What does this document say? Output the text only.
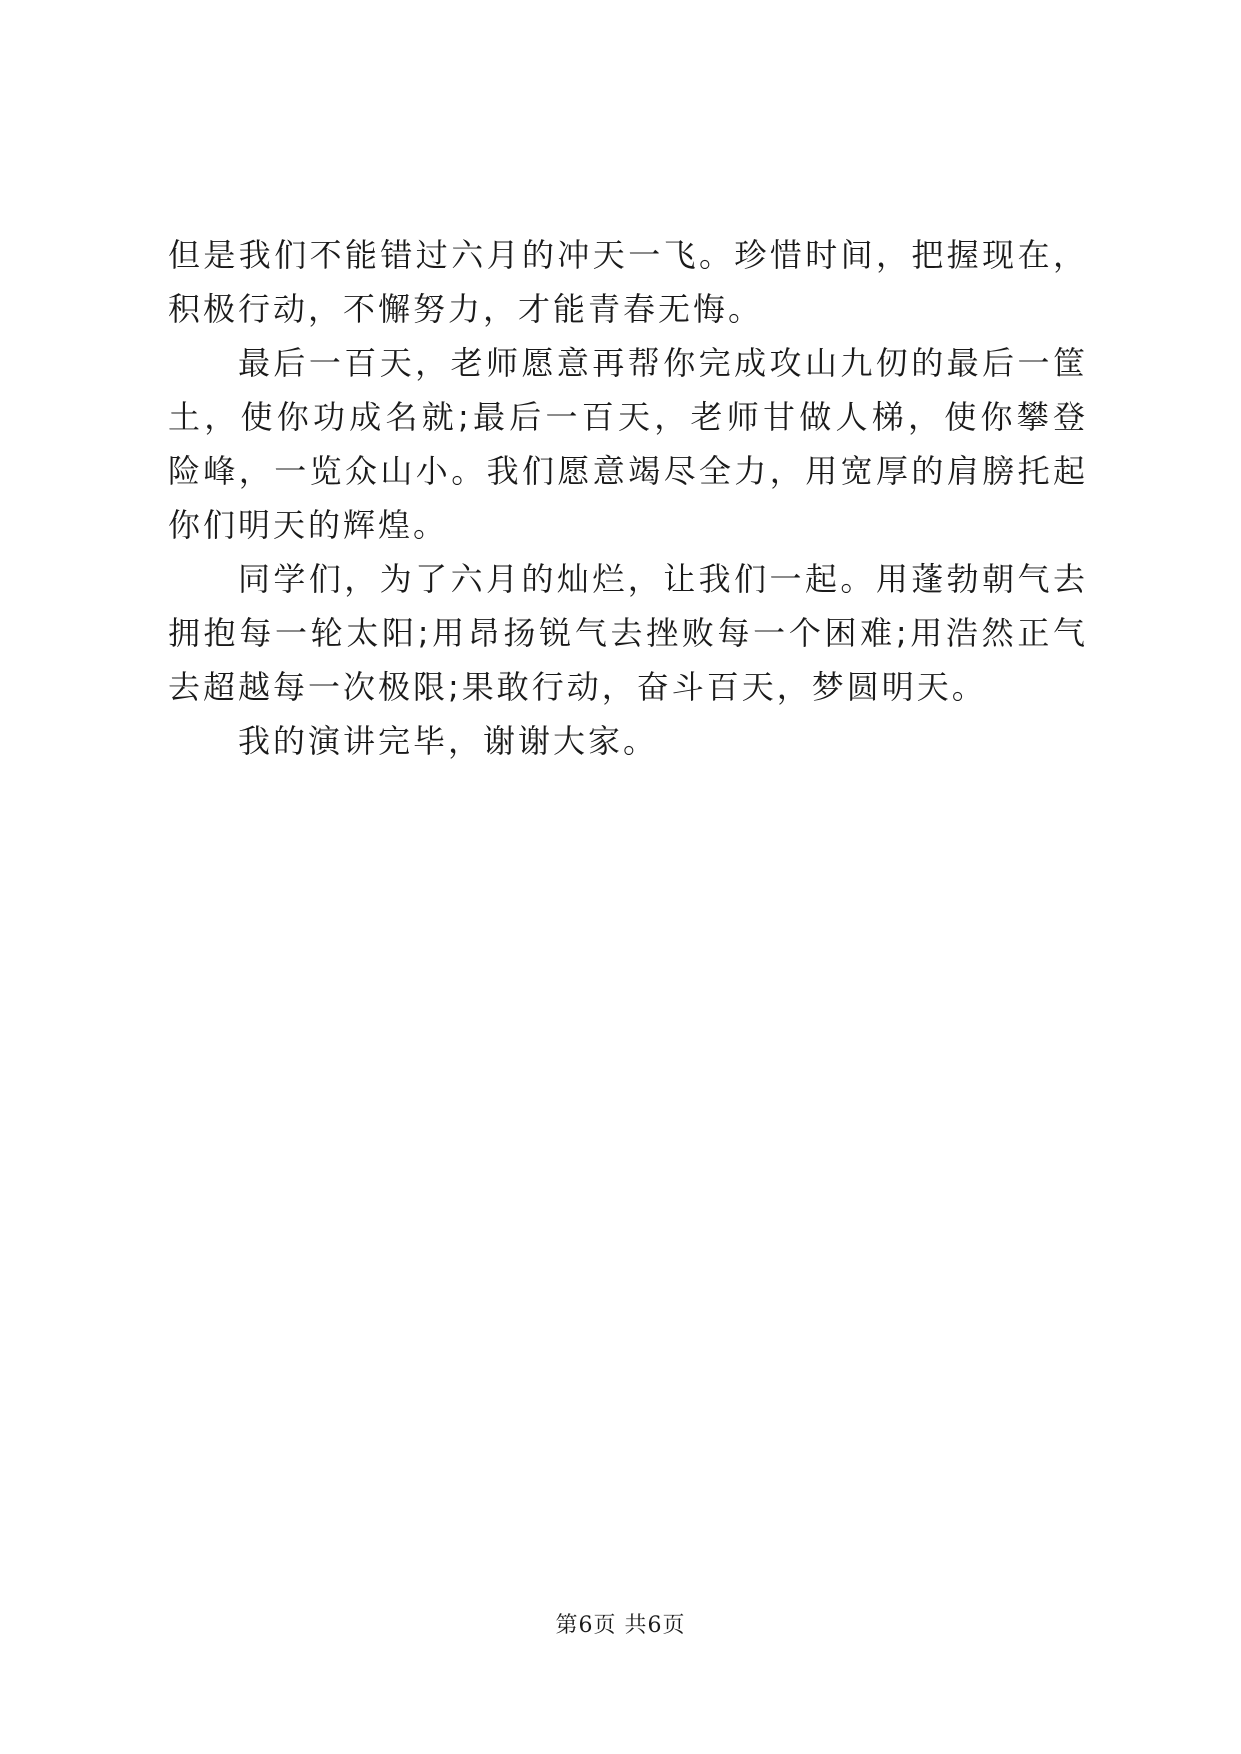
但是我们不能错过六月的冲天一飞。珍惜时间，把握现在，积极行动，不懈努力，才能青春无悔。

最后一百天，老师愿意再帮你完成攻山九仞的最后一筐土，使你功成名就;最后一百天，老师甘做人梯，使你攀登险峰，一览众山小。我们愿意竭尽全力，用宽厚的肩膀托起你们明天的辉煌。

同学们，为了六月的灿烂，让我们一起。用蓬勃朝气去拥抱每一轮太阳;用昂扬锐气去挫败每一个困难;用浩然正气去超越每一次极限;果敢行动，奋斗百天，梦圆明天。

我的演讲完毕，谢谢大家。

第6页 共6页
